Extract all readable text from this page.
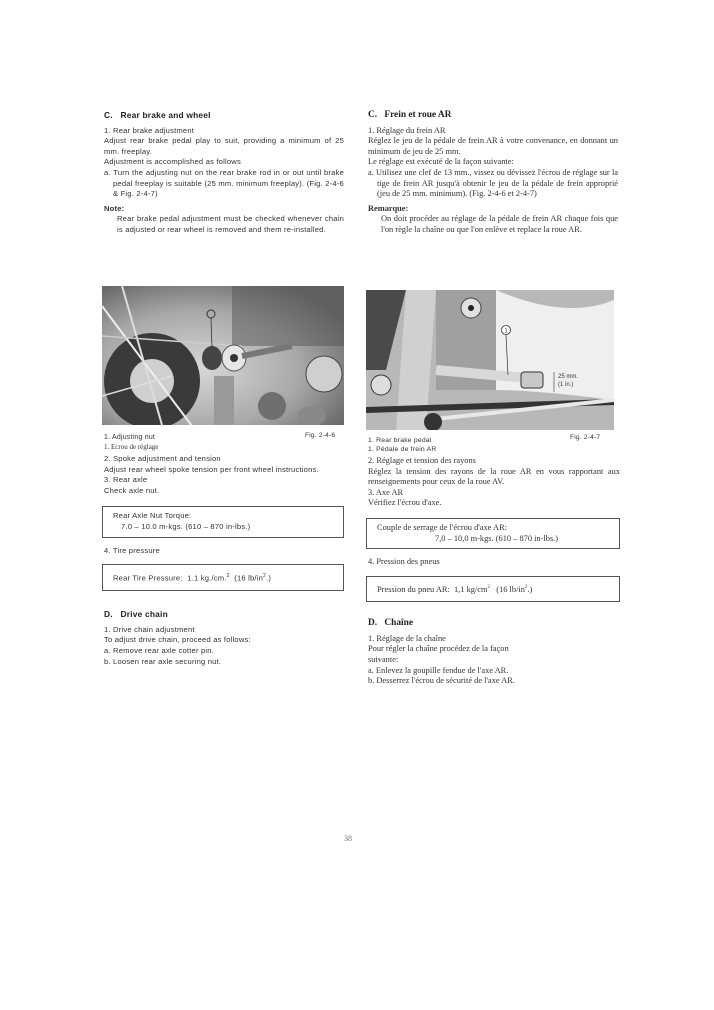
C. Rear brake and wheel

1. Rear brake adjustment

Adjust rear brake pedal play to suit, providing a minimum of 25 mm. freeplay.

Adjustment is accomplished as follows

a. Turn the adjusting nut on the rear brake rod in or out until brake pedal freeplay is suitable (25 mm. minimum freeplay). (Fig. 2-4-6 & Fig. 2-4-7)

Note:

Rear brake pedal adjustment must be checked whenever chain is adjusted or rear wheel is removed and them re-installed.

1. Adjusting nut
1. Ecrou de réglage
Fig. 2-4-6

2. Spoke adjustment and tension

Adjust rear wheel spoke tension per front wheel instructions.

3. Rear axle

Check axle nut.

Rear Axle Nut Torque:
7.0 – 10.0 m-kgs. (610 – 870 in-lbs.)

4. Tire pressure

Rear Tire Pressure: 1.1 kg./cm.$^2$ (16 $lb/in^2$.)
D. Drive chain

1. Drive chain adjustment

To adjust drive chain, proceed as follows:

a. Remove rear axle cotter pin.

b. Loosen rear axle securing nut.

C. Frein et roue AR

1. Réglage du frein AR

Réglez le jeu de la pédale de frein AR à votre convenance, en donnant un minimum de jeu de 25 mm.

Le réglage est exécuté de la façon suivante:

a. Utilisez une clef de 13 mm., vissez ou dévissez l'écrou de réglage sur la tige de frein AR jusqu'à obtenir le jeu de la pédale de frein approprié (jeu de 25 mm. minimum). (Fig. 2-4-6 et 2-4-7)

Remarque:

On doit procéder au réglage de la pédale de frein AR chaque fois que l'on règle la chaîne ou que l'on enlève et replace la roue AR.

1
25 mm.
(1 in.)
1. Rear brake pedal
1. Pédale de frein AR
Fig. 2-4-7

2. Réglage et tension des rayons

Réglez la tension des rayons de la roue AR en vous rapportant aux renseignements pour ceux de la roue AV.

3. Axe AR

Vérifiez l'écrou d'axe.

Couple de serrage de l'écrou d'axe AR:
7,0 – 10,0 m-kgs. (610 – 870 in-lbs.)

4. Pression des pneus

Pression du pneu AR: 1,1 $kg/cm^2$ (16 $lb/in^2$.)
D. Chaîne

1. Réglage de la chaîne

Pour régler la chaîne procédez de la façon suivante:

a. Enlevez la goupille fendue de l'axe AR.

b. Desserrez l'écrou de sécurité de l'axe AR.

38
